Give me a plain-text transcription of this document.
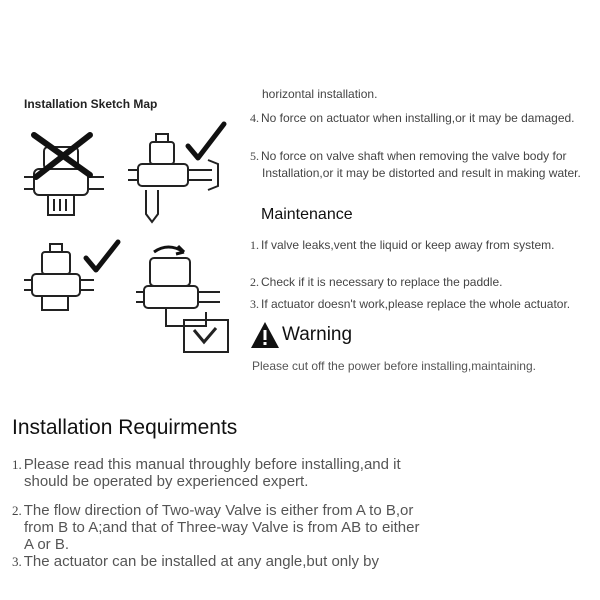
Installation Sketch Map
horizontal installation.
4. No force on actuator when installing,or it may be damaged.
5. No force on valve shaft when removing the valve body for
Installation,or it may be distorted and result in making water.
Maintenance
1. If valve leaks,vent the liquid or keep away from system.
2. Check if it is necessary to replace the paddle.
3. If actuator doesn't work,please replace the whole actuator.
Warning
Please cut off the power before installing,maintaining.
Installation Requirments
1. Please read this manual throughly before installing,and it
should be operated by experienced expert.
2. The flow direction of Two-way Valve is either from A to B,or
from B to A;and that of Three-way Valve is from AB to either
A or B.
3. The actuator can be installed at any angle,but only by
